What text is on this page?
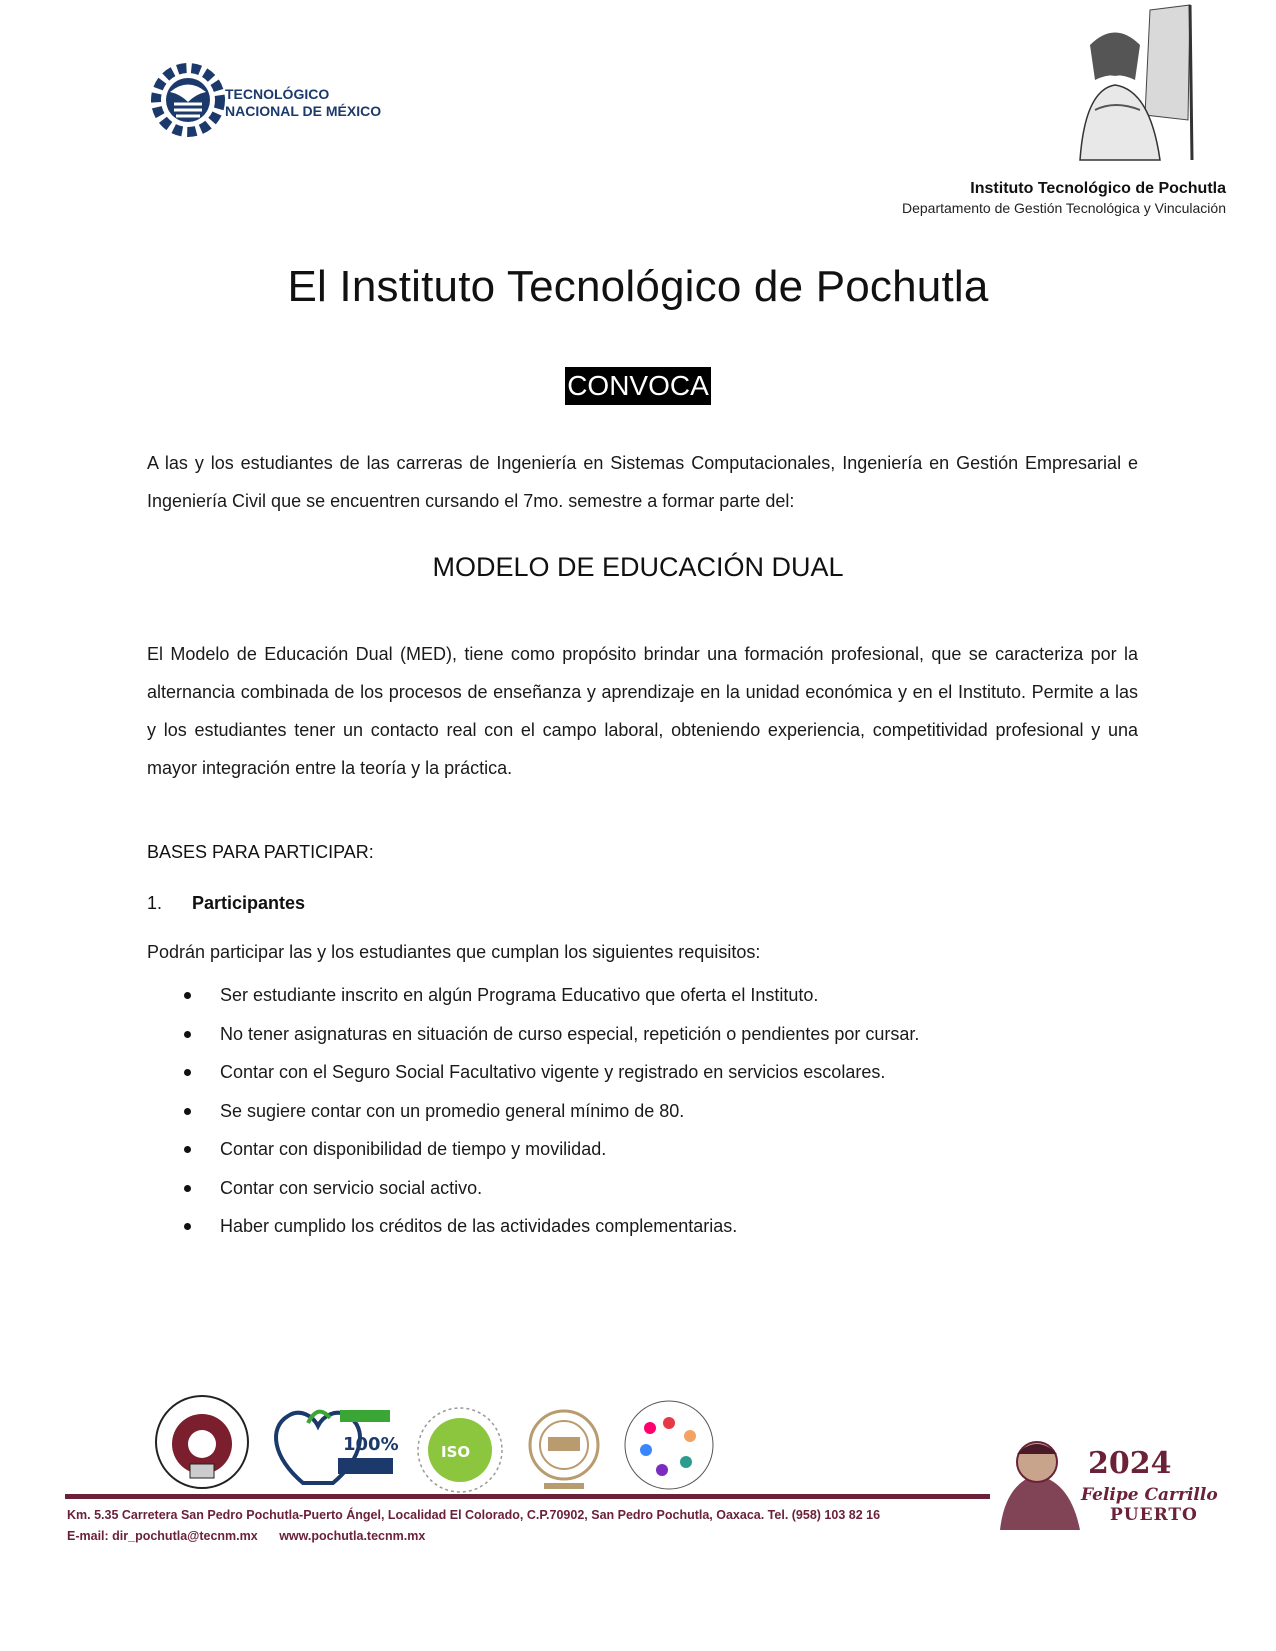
TECNOLÓGICO
NACIONAL DE MÉXICO
Instituto Tecnológico de Pochutla
Departamento de Gestión Tecnológica y Vinculación
El Instituto Tecnológico de Pochutla
CONVOCA
A las y los estudiantes de las carreras de Ingeniería en Sistemas Computacionales, Ingeniería en Gestión Empresarial e Ingeniería Civil que se encuentren cursando el 7mo. semestre a formar parte del:
MODELO DE EDUCACIÓN DUAL
El Modelo de Educación Dual (MED), tiene como propósito brindar una formación profesional, que se caracteriza por la alternancia combinada de los procesos de enseñanza y aprendizaje en la unidad económica y en el Instituto. Permite a las y los estudiantes tener un contacto real con el campo laboral, obteniendo experiencia, competitividad profesional y una mayor integración entre la teoría y la práctica.
BASES PARA PARTICIPAR:
1. Participantes
Podrán participar las y los estudiantes que cumplan los siguientes requisitos:
Ser estudiante inscrito en algún Programa Educativo que oferta el Instituto.
No tener asignaturas en situación de curso especial, repetición o pendientes por cursar.
Contar con el Seguro Social Facultativo vigente y registrado en servicios escolares.
Se sugiere contar con un promedio general mínimo de 80.
Contar con disponibilidad de tiempo y movilidad.
Contar con servicio social activo.
Haber cumplido los créditos de las actividades complementarias.
100%	ISO	2024
Felipe Carrillo
PUERTO
Km. 5.35 Carretera San Pedro Pochutla-Puerto Ángel, Localidad El Colorado, C.P.70902, San Pedro Pochutla, Oaxaca. Tel. (958) 103 82 16
E-mail: dir_pochutla@tecnm.mx www.pochutla.tecnm.mx
